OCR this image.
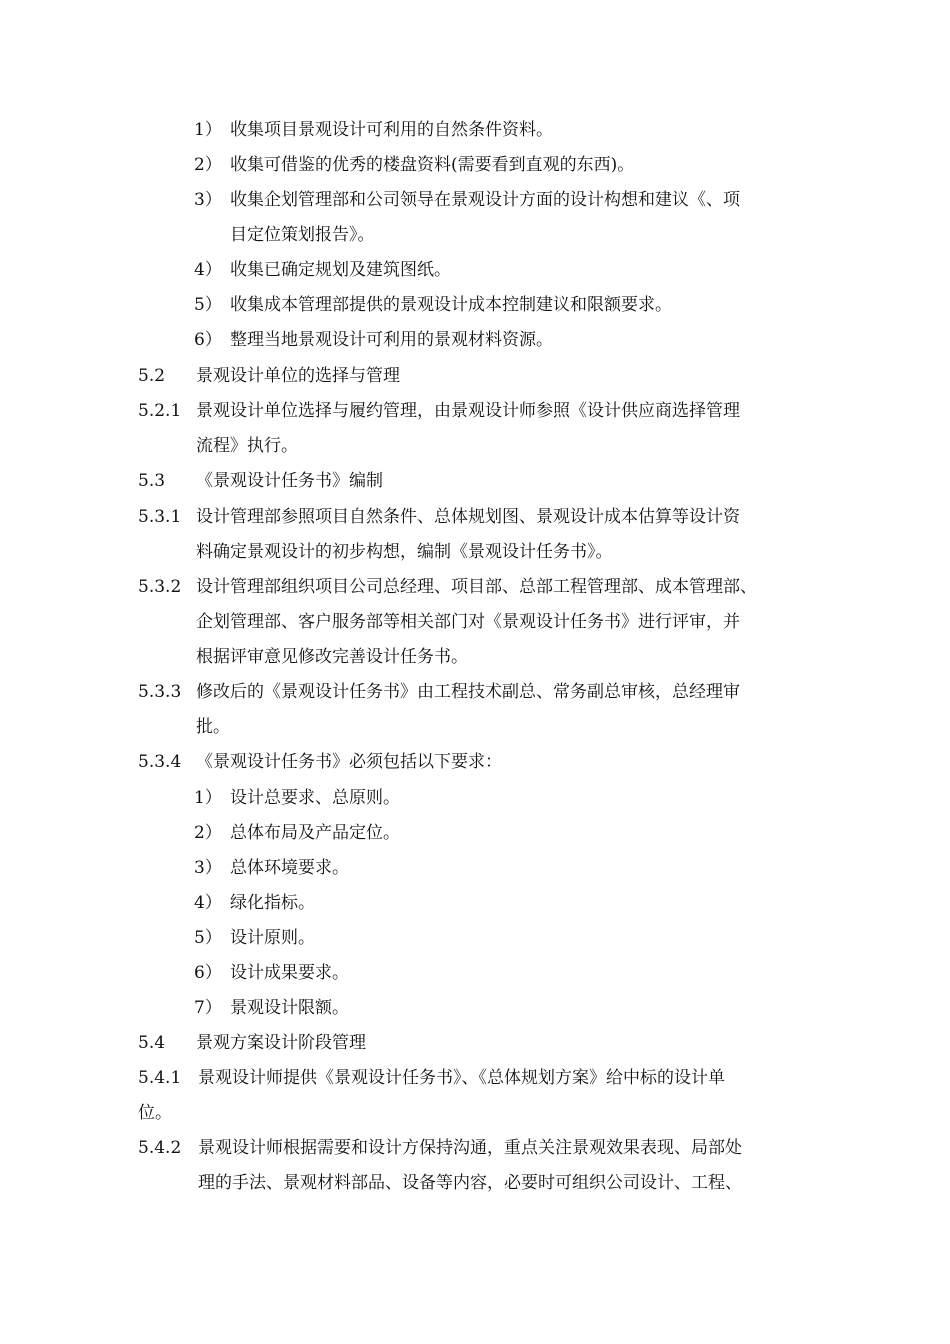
1） 收集项目景观设计可利用的自然条件资料。
2） 收集可借鉴的优秀的楼盘资料(需要看到直观的东西)。
3） 收集企划管理部和公司领导在景观设计方面的设计构想和建议《、项
目定位策划报告》。
4） 收集已确定规划及建筑图纸。
5） 收集成本管理部提供的景观设计成本控制建议和限额要求。
6） 整理当地景观设计可利用的景观材料资源。
5.2 景观设计单位的选择与管理
5.2.1 景观设计单位选择与履约管理，由景观设计师参照《设计供应商选择管理
流程》执行。
5.3 《景观设计任务书》编制
5.3.1 设计管理部参照项目自然条件、总体规划图、景观设计成本估算等设计资
料确定景观设计的初步构想，编制《景观设计任务书》。
5.3.2 设计管理部组织项目公司总经理、项目部、总部工程管理部、成本管理部、
企划管理部、客户服务部等相关部门对《景观设计任务书》进行评审，并
根据评审意见修改完善设计任务书。
5.3.3 修改后的《景观设计任务书》由工程技术副总、常务副总审核，总经理审
批。
5.3.4 《景观设计任务书》必须包括以下要求：
1） 设计总要求、总原则。
2） 总体布局及产品定位。
3） 总体环境要求。
4） 绿化指标。
5） 设计原则。
6） 设计成果要求。
7） 景观设计限额。
5.4 景观方案设计阶段管理
5.4.1 景观设计师提供《景观设计任务书》、《总体规划方案》给中标的设计单
位。
5.4.2 景观设计师根据需要和设计方保持沟通，重点关注景观效果表现、局部处
理的手法、景观材料部品、设备等内容，必要时可组织公司设计、工程、
